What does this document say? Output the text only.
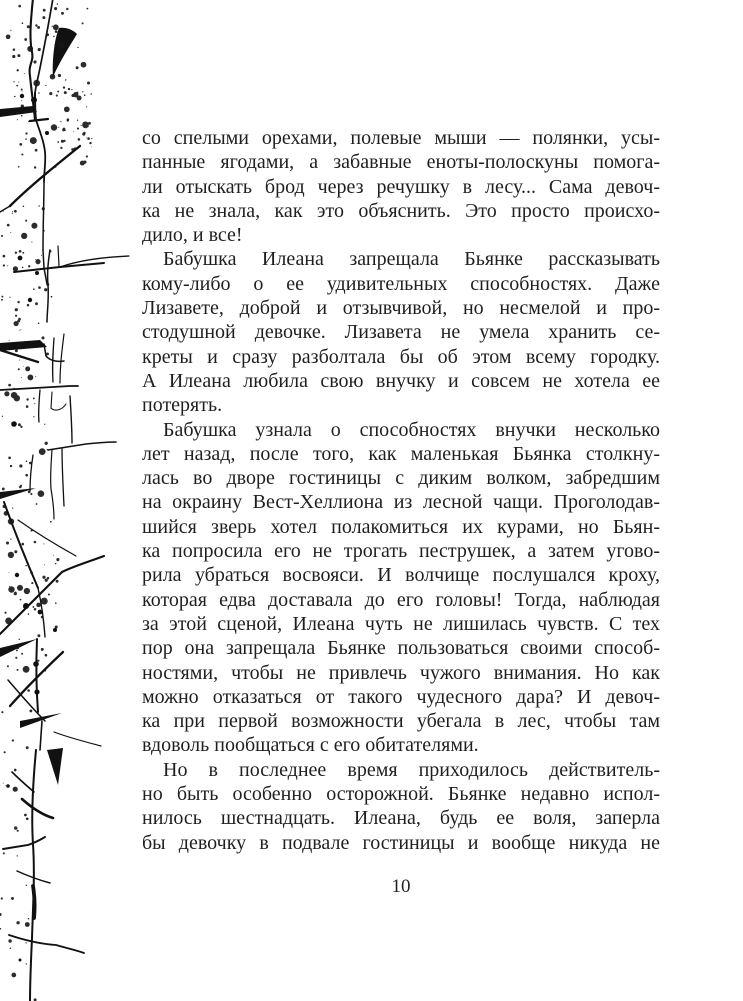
со спелыми орехами, полевые мыши — полянки, усы-
панные ягодами, а забавные еноты-полоскуны помога-
ли отыскать брод через речушку в лесу... Сама девоч-
ка не знала, как это объяснить. Это просто происхо-
дило, и все!
Бабушка Илеана запрещала Бьянке рассказывать
кому-либо о ее удивительных способностях. Даже
Лизавете, доброй и отзывчивой, но несмелой и про-
стодушной девочке. Лизавета не умела хранить се-
креты и сразу разболтала бы об этом всему городку.
А Илеана любила свою внучку и совсем не хотела ее
потерять.
Бабушка узнала о способностях внучки несколько
лет назад, после того, как маленькая Бьянка столкну-
лась во дворе гостиницы с диким волком, забредшим
на окраину Вест-Хеллиона из лесной чащи. Проголодав-
шийся зверь хотел полакомиться их курами, но Бьян-
ка попросила его не трогать пеструшек, а затем угово-
рила убраться восвояси. И волчище послушался кроху,
которая едва доставала до его головы! Тогда, наблюдая
за этой сценой, Илеана чуть не лишилась чувств. С тех
пор она запрещала Бьянке пользоваться своими способ-
ностями, чтобы не привлечь чужого внимания. Но как
можно отказаться от такого чудесного дара? И девоч-
ка при первой возможности убегала в лес, чтобы там
вдоволь пообщаться с его обитателями.
Но в последнее время приходилось действитель-
но быть особенно осторожной. Бьянке недавно испол-
нилось шестнадцать. Илеана, будь ее воля, заперла
бы девочку в подвале гостиницы и вообще никуда не
10
